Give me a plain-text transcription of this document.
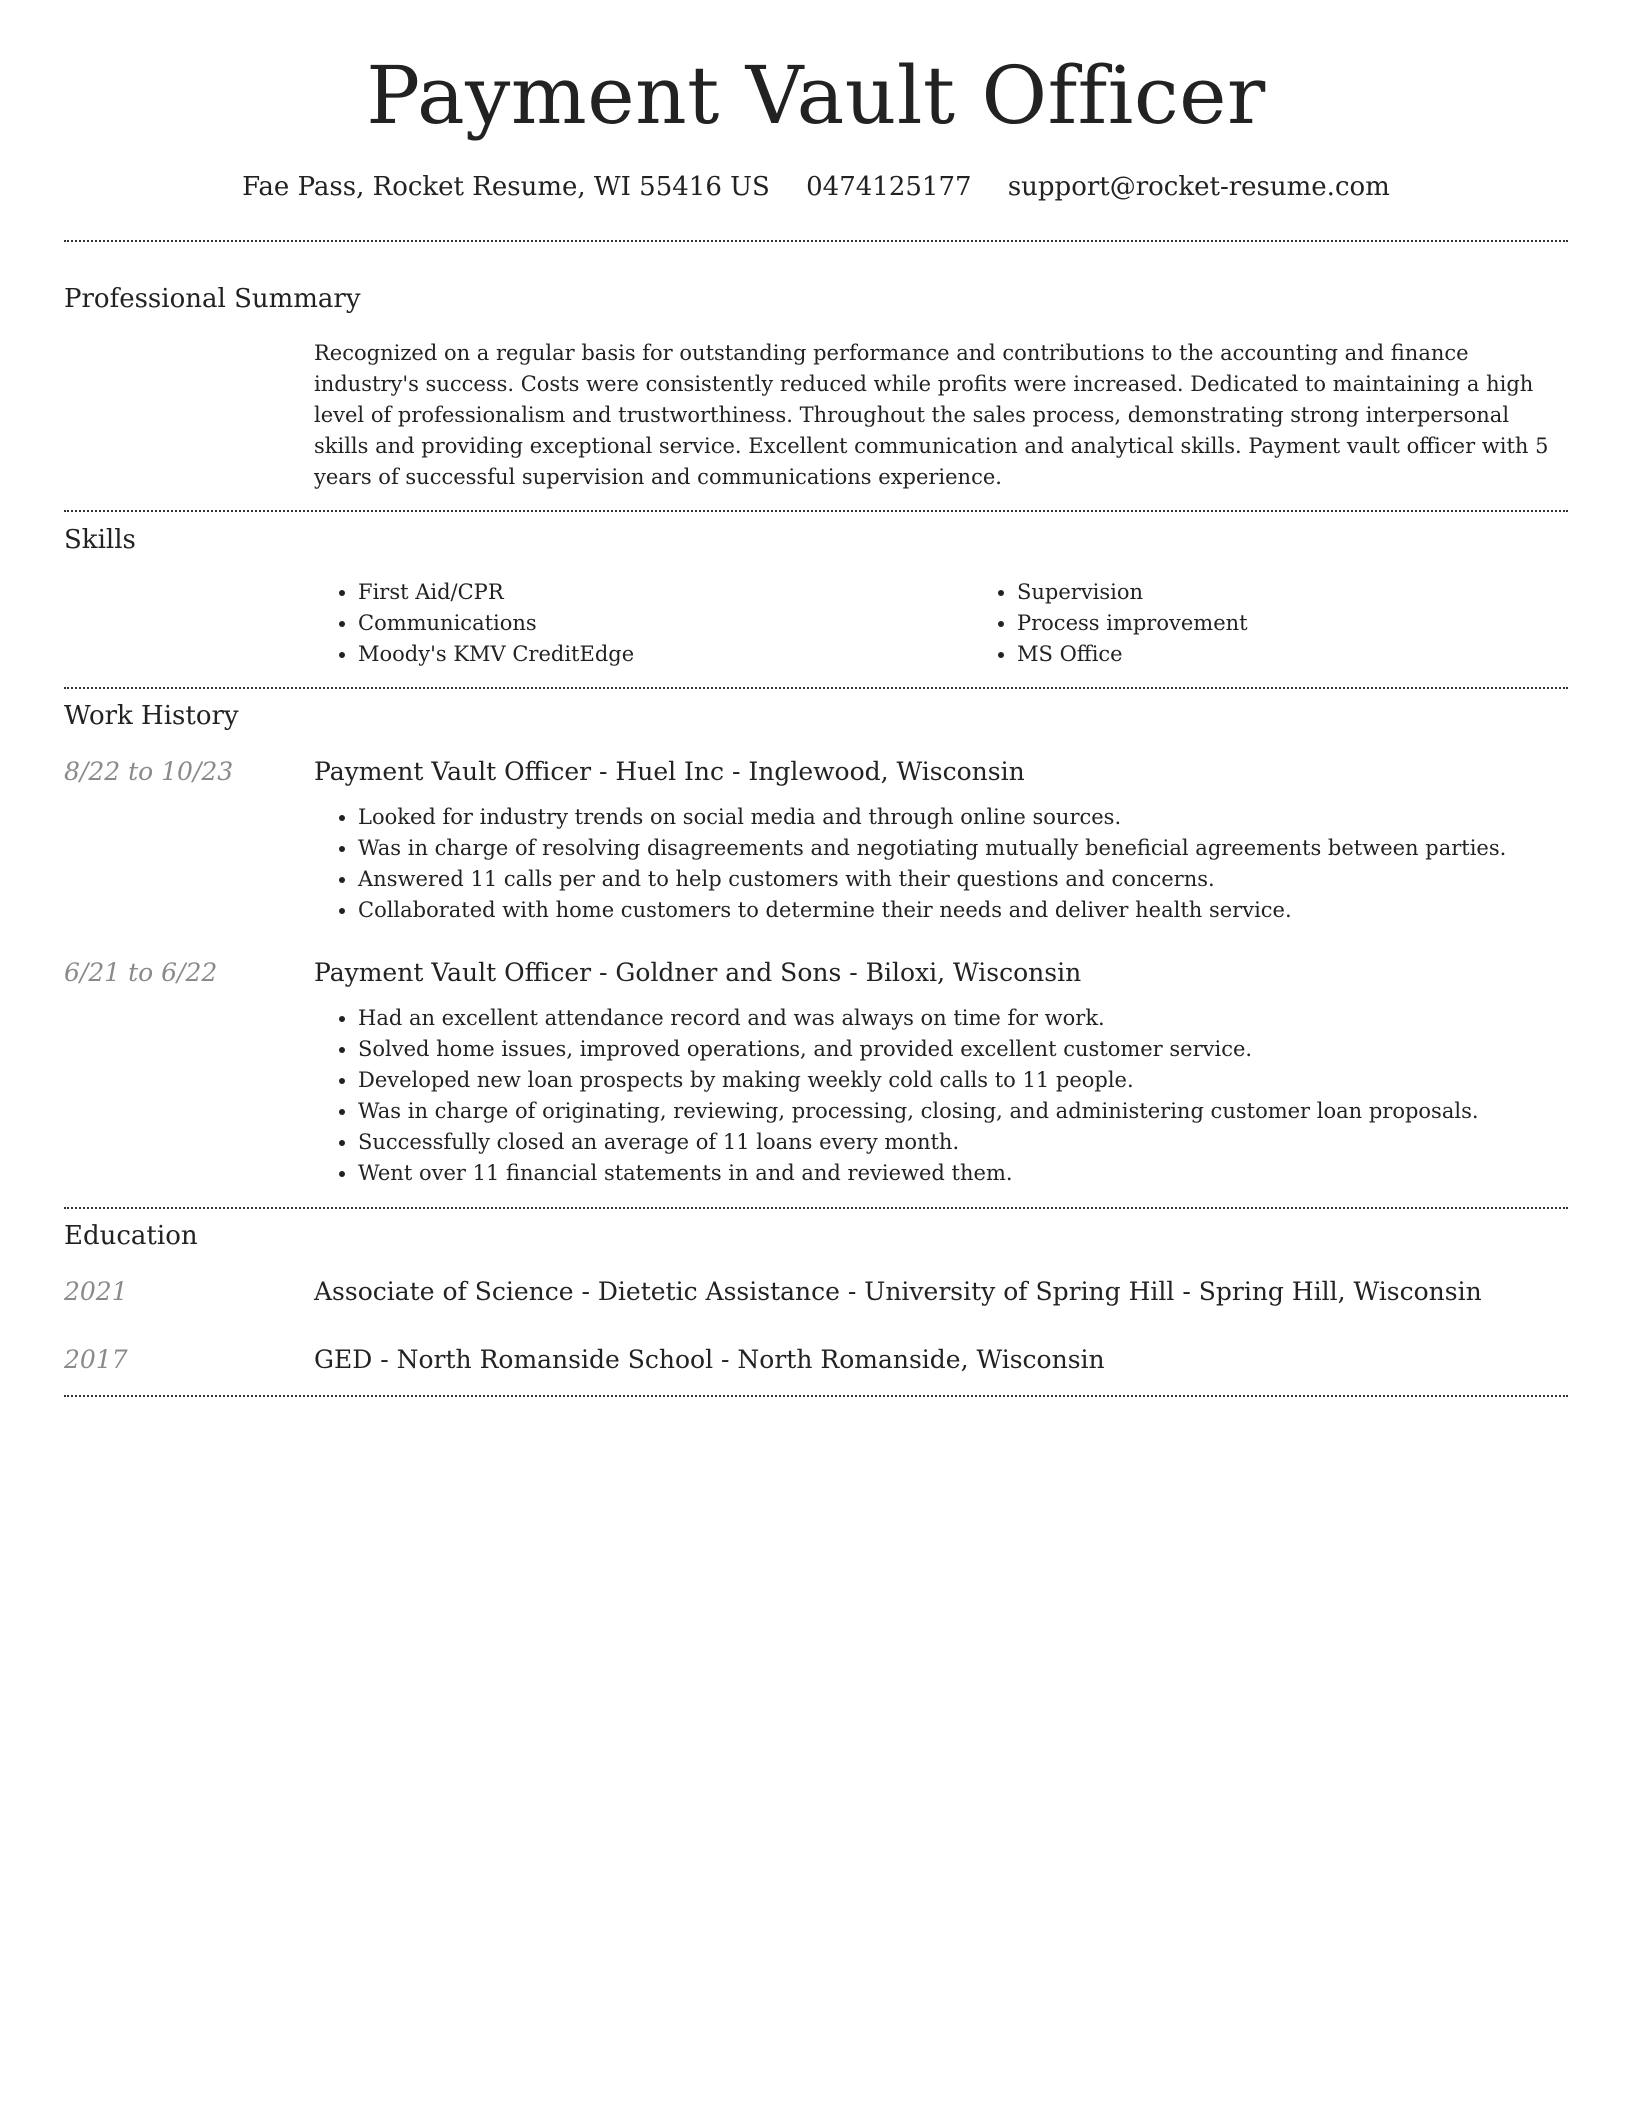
Payment Vault Officer
Fae Pass, Rocket Resume, WI 55416 US 0474125177 support@rocket-resume.com
Professional Summary

Recognized on a regular basis for outstanding performance and contributions to the accounting and finance industry's success. Costs were consistently reduced while profits were increased. Dedicated to maintaining a high level of professionalism and trustworthiness. Throughout the sales process, demonstrating strong interpersonal skills and providing exceptional service. Excellent communication and analytical skills. Payment vault officer with 5 years of successful supervision and communications experience.

Skills
• First Aid/CPR
• Communications
• Moody's KMV CreditEdge
• Supervision
• Process improvement
• MS Office
Work History
8/22 to 10/23	Payment Vault Officer - Huel Inc - Inglewood, Wisconsin
• Looked for industry trends on social media and through online sources.
• Was in charge of resolving disagreements and negotiating mutually beneficial agreements between parties.
• Answered 11 calls per and to help customers with their questions and concerns.
• Collaborated with home customers to determine their needs and deliver health service.
6/21 to 6/22	Payment Vault Officer - Goldner and Sons - Biloxi, Wisconsin
• Had an excellent attendance record and was always on time for work.
• Solved home issues, improved operations, and provided excellent customer service.
• Developed new loan prospects by making weekly cold calls to 11 people.
• Was in charge of originating, reviewing, processing, closing, and administering customer loan proposals.
• Successfully closed an average of 11 loans every month.
• Went over 11 financial statements in and and reviewed them.
Education
2021	Associate of Science - Dietetic Assistance - University of Spring Hill - Spring Hill, Wisconsin
2017	GED - North Romanside School - North Romanside, Wisconsin
